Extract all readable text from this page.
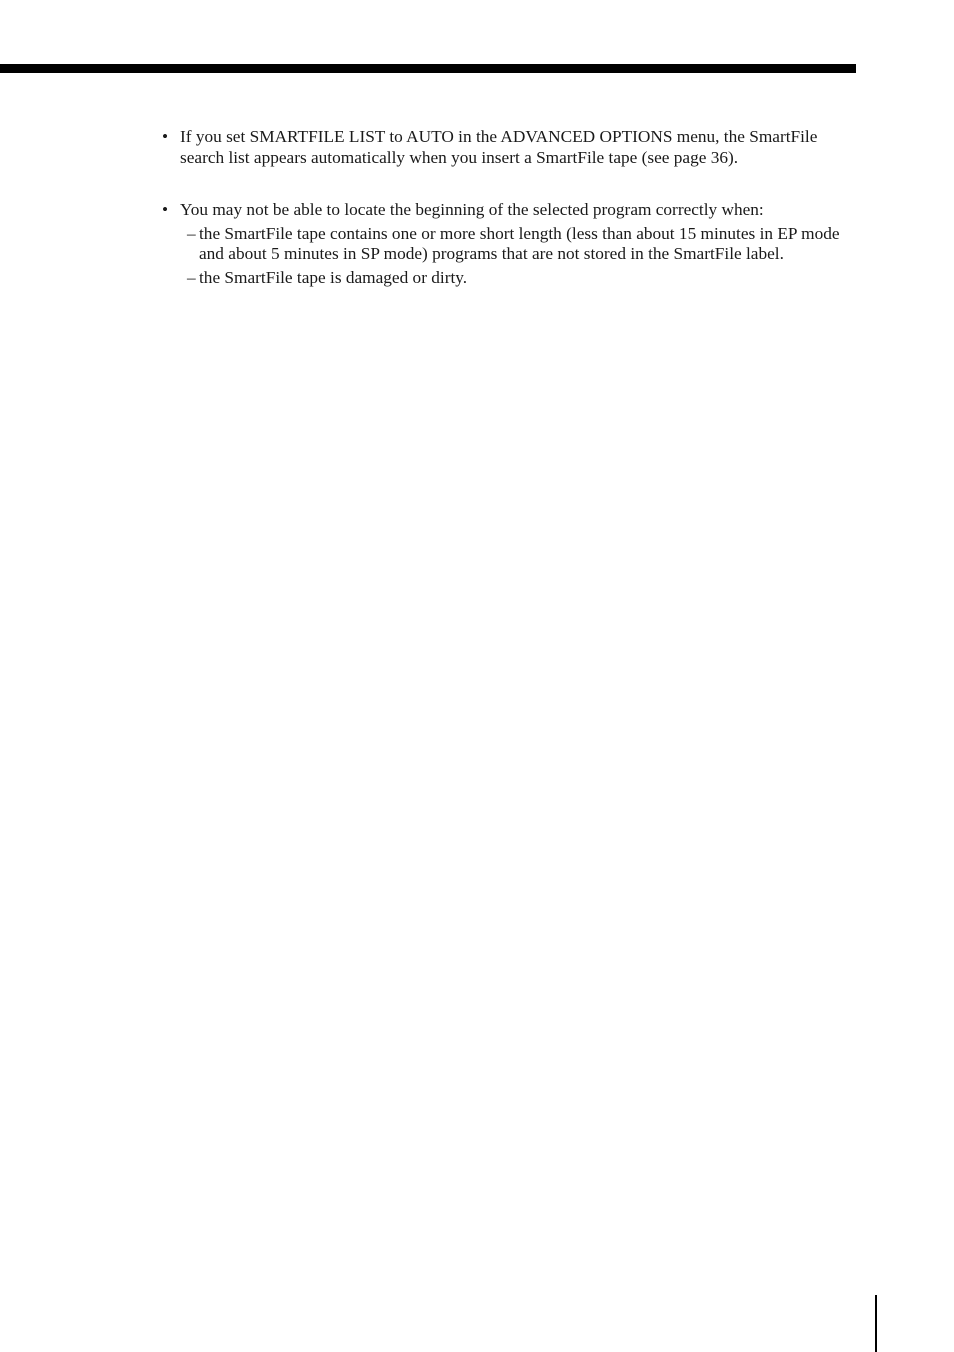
• If you set SMARTFILE LIST to AUTO in the ADVANCED OPTIONS menu, the SmartFile search list appears automatically when you insert a SmartFile tape (see page 36).
• You may not be able to locate the beginning of the selected program correctly when:
– the SmartFile tape contains one or more short length (less than about 15 minutes in EP mode and about 5 minutes in SP mode) programs that are not stored in the SmartFile label.
– the SmartFile tape is damaged or dirty.
